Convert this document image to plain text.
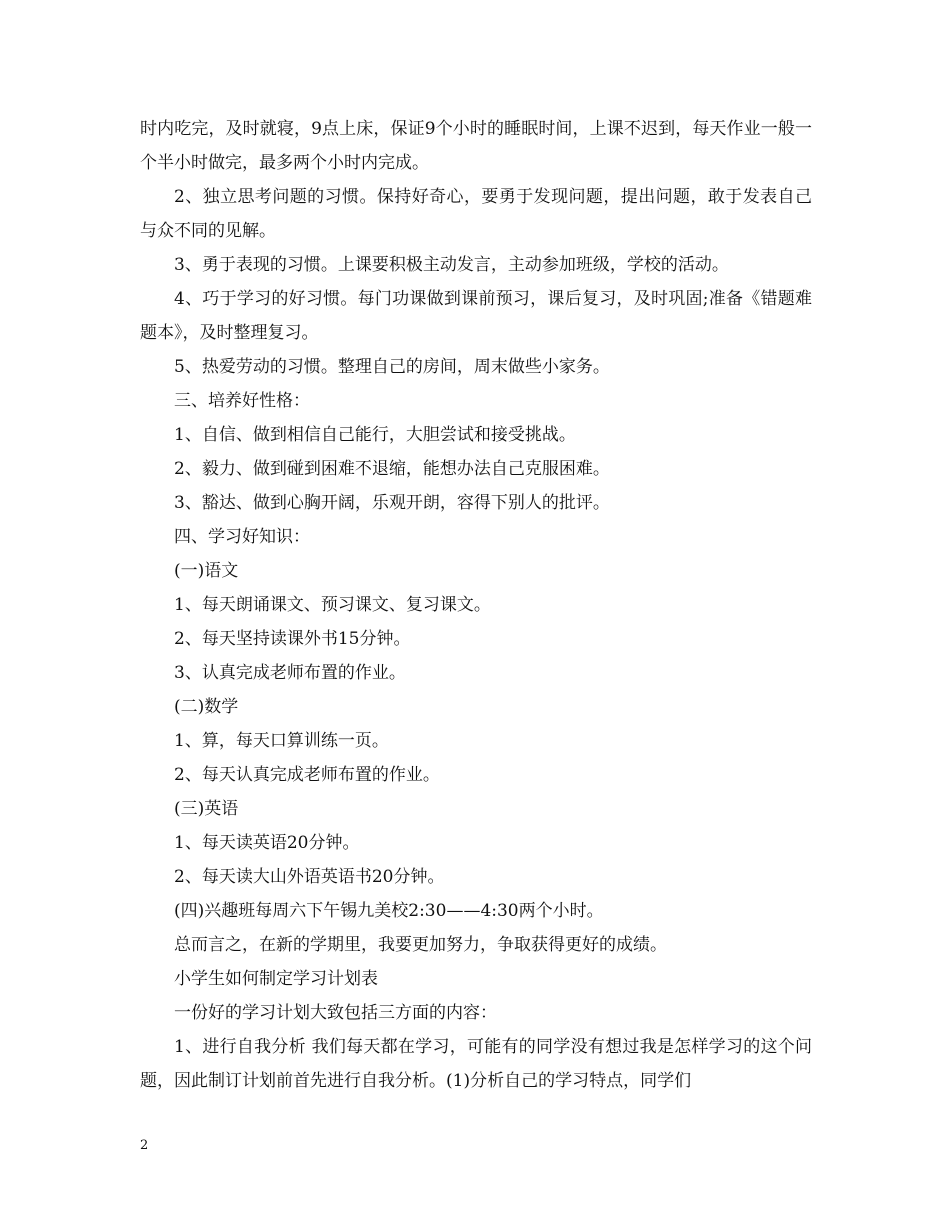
时内吃完，及时就寝，9点上床，保证9个小时的睡眠时间，上课不迟到，每天作业一般一个半小时做完，最多两个小时内完成。

2、独立思考问题的习惯。保持好奇心，要勇于发现问题，提出问题，敢于发表自己与众不同的见解。

3、勇于表现的习惯。上课要积极主动发言，主动参加班级，学校的活动。

4、巧于学习的好习惯。每门功课做到课前预习，课后复习，及时巩固;准备《错题难题本》，及时整理复习。

5、热爱劳动的习惯。整理自己的房间，周末做些小家务。

三、培养好性格：

1、自信、做到相信自己能行，大胆尝试和接受挑战。

2、毅力、做到碰到困难不退缩，能想办法自己克服困难。

3、豁达、做到心胸开阔，乐观开朗，容得下别人的批评。

四、学习好知识：

(一)语文

1、每天朗诵课文、预习课文、复习课文。

2、每天坚持读课外书15分钟。

3、认真完成老师布置的作业。

(二)数学

1、算，每天口算训练一页。

2、每天认真完成老师布置的作业。

(三)英语

1、每天读英语20分钟。

2、每天读大山外语英语书20分钟。

(四)兴趣班每周六下午锡九美校2:30——4:30两个小时。

总而言之，在新的学期里，我要更加努力，争取获得更好的成绩。

小学生如何制定学习计划表

一份好的学习计划大致包括三方面的内容：

1、进行自我分析 我们每天都在学习，可能有的同学没有想过我是怎样学习的这个问题，因此制订计划前首先进行自我分析。(1)分析自己的学习特点，同学们

2
